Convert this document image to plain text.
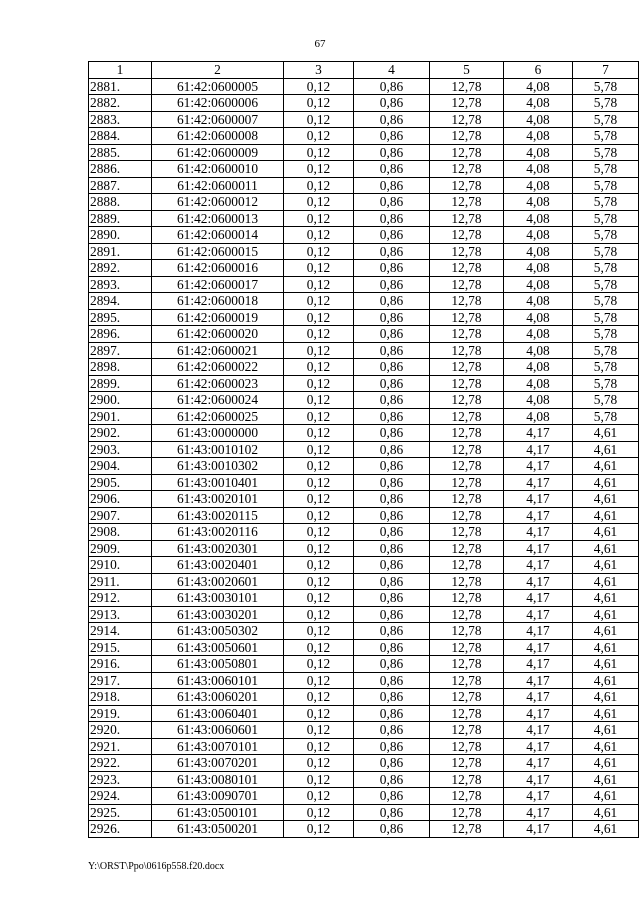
67
1	2	3	4	5	6	7
2881.	61:42:0600005	0,12	0,86	12,78	4,08	5,78
2882.	61:42:0600006	0,12	0,86	12,78	4,08	5,78
2883.	61:42:0600007	0,12	0,86	12,78	4,08	5,78
2884.	61:42:0600008	0,12	0,86	12,78	4,08	5,78
2885.	61:42:0600009	0,12	0,86	12,78	4,08	5,78
2886.	61:42:0600010	0,12	0,86	12,78	4,08	5,78
2887.	61:42:0600011	0,12	0,86	12,78	4,08	5,78
2888.	61:42:0600012	0,12	0,86	12,78	4,08	5,78
2889.	61:42:0600013	0,12	0,86	12,78	4,08	5,78
2890.	61:42:0600014	0,12	0,86	12,78	4,08	5,78
2891.	61:42:0600015	0,12	0,86	12,78	4,08	5,78
2892.	61:42:0600016	0,12	0,86	12,78	4,08	5,78
2893.	61:42:0600017	0,12	0,86	12,78	4,08	5,78
2894.	61:42:0600018	0,12	0,86	12,78	4,08	5,78
2895.	61:42:0600019	0,12	0,86	12,78	4,08	5,78
2896.	61:42:0600020	0,12	0,86	12,78	4,08	5,78
2897.	61:42:0600021	0,12	0,86	12,78	4,08	5,78
2898.	61:42:0600022	0,12	0,86	12,78	4,08	5,78
2899.	61:42:0600023	0,12	0,86	12,78	4,08	5,78
2900.	61:42:0600024	0,12	0,86	12,78	4,08	5,78
2901.	61:42:0600025	0,12	0,86	12,78	4,08	5,78
2902.	61:43:0000000	0,12	0,86	12,78	4,17	4,61
2903.	61:43:0010102	0,12	0,86	12,78	4,17	4,61
2904.	61:43:0010302	0,12	0,86	12,78	4,17	4,61
2905.	61:43:0010401	0,12	0,86	12,78	4,17	4,61
2906.	61:43:0020101	0,12	0,86	12,78	4,17	4,61
2907.	61:43:0020115	0,12	0,86	12,78	4,17	4,61
2908.	61:43:0020116	0,12	0,86	12,78	4,17	4,61
2909.	61:43:0020301	0,12	0,86	12,78	4,17	4,61
2910.	61:43:0020401	0,12	0,86	12,78	4,17	4,61
2911.	61:43:0020601	0,12	0,86	12,78	4,17	4,61
2912.	61:43:0030101	0,12	0,86	12,78	4,17	4,61
2913.	61:43:0030201	0,12	0,86	12,78	4,17	4,61
2914.	61:43:0050302	0,12	0,86	12,78	4,17	4,61
2915.	61:43:0050601	0,12	0,86	12,78	4,17	4,61
2916.	61:43:0050801	0,12	0,86	12,78	4,17	4,61
2917.	61:43:0060101	0,12	0,86	12,78	4,17	4,61
2918.	61:43:0060201	0,12	0,86	12,78	4,17	4,61
2919.	61:43:0060401	0,12	0,86	12,78	4,17	4,61
2920.	61:43:0060601	0,12	0,86	12,78	4,17	4,61
2921.	61:43:0070101	0,12	0,86	12,78	4,17	4,61
2922.	61:43:0070201	0,12	0,86	12,78	4,17	4,61
2923.	61:43:0080101	0,12	0,86	12,78	4,17	4,61
2924.	61:43:0090701	0,12	0,86	12,78	4,17	4,61
2925.	61:43:0500101	0,12	0,86	12,78	4,17	4,61
2926.	61:43:0500201	0,12	0,86	12,78	4,17	4,61
Y:\ORST\Ppo\0616p558.f20.docx
